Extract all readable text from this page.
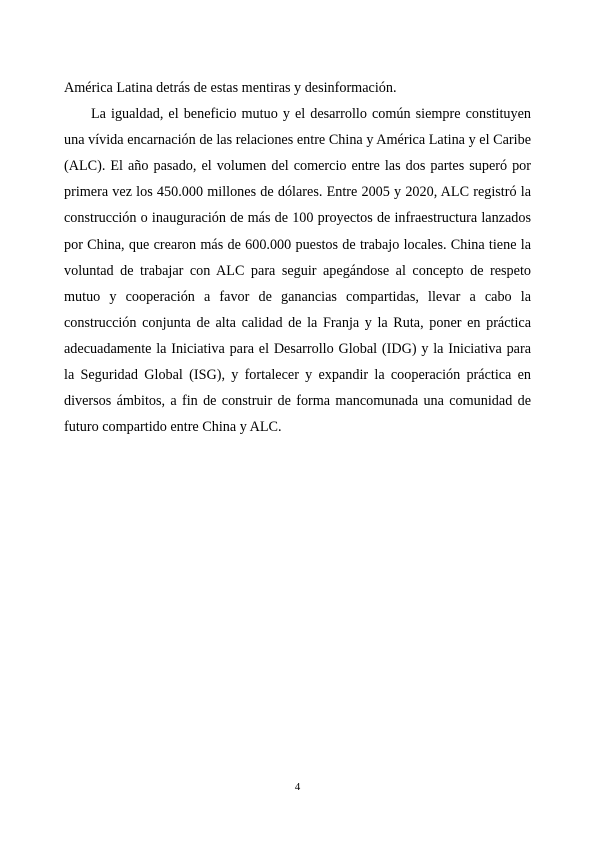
América Latina detrás de estas mentiras y desinformación.

La igualdad, el beneficio mutuo y el desarrollo común siempre constituyen una vívida encarnación de las relaciones entre China y América Latina y el Caribe (ALC). El año pasado, el volumen del comercio entre las dos partes superó por primera vez los 450.000 millones de dólares. Entre 2005 y 2020, ALC registró la construcción o inauguración de más de 100 proyectos de infraestructura lanzados por China, que crearon más de 600.000 puestos de trabajo locales. China tiene la voluntad de trabajar con ALC para seguir apegándose al concepto de respeto mutuo y cooperación a favor de ganancias compartidas, llevar a cabo la construcción conjunta de alta calidad de la Franja y la Ruta, poner en práctica adecuadamente la Iniciativa para el Desarrollo Global (IDG) y la Iniciativa para la Seguridad Global (ISG), y fortalecer y expandir la cooperación práctica en diversos ámbitos, a fin de construir de forma mancomunada una comunidad de futuro compartido entre China y ALC.

4
